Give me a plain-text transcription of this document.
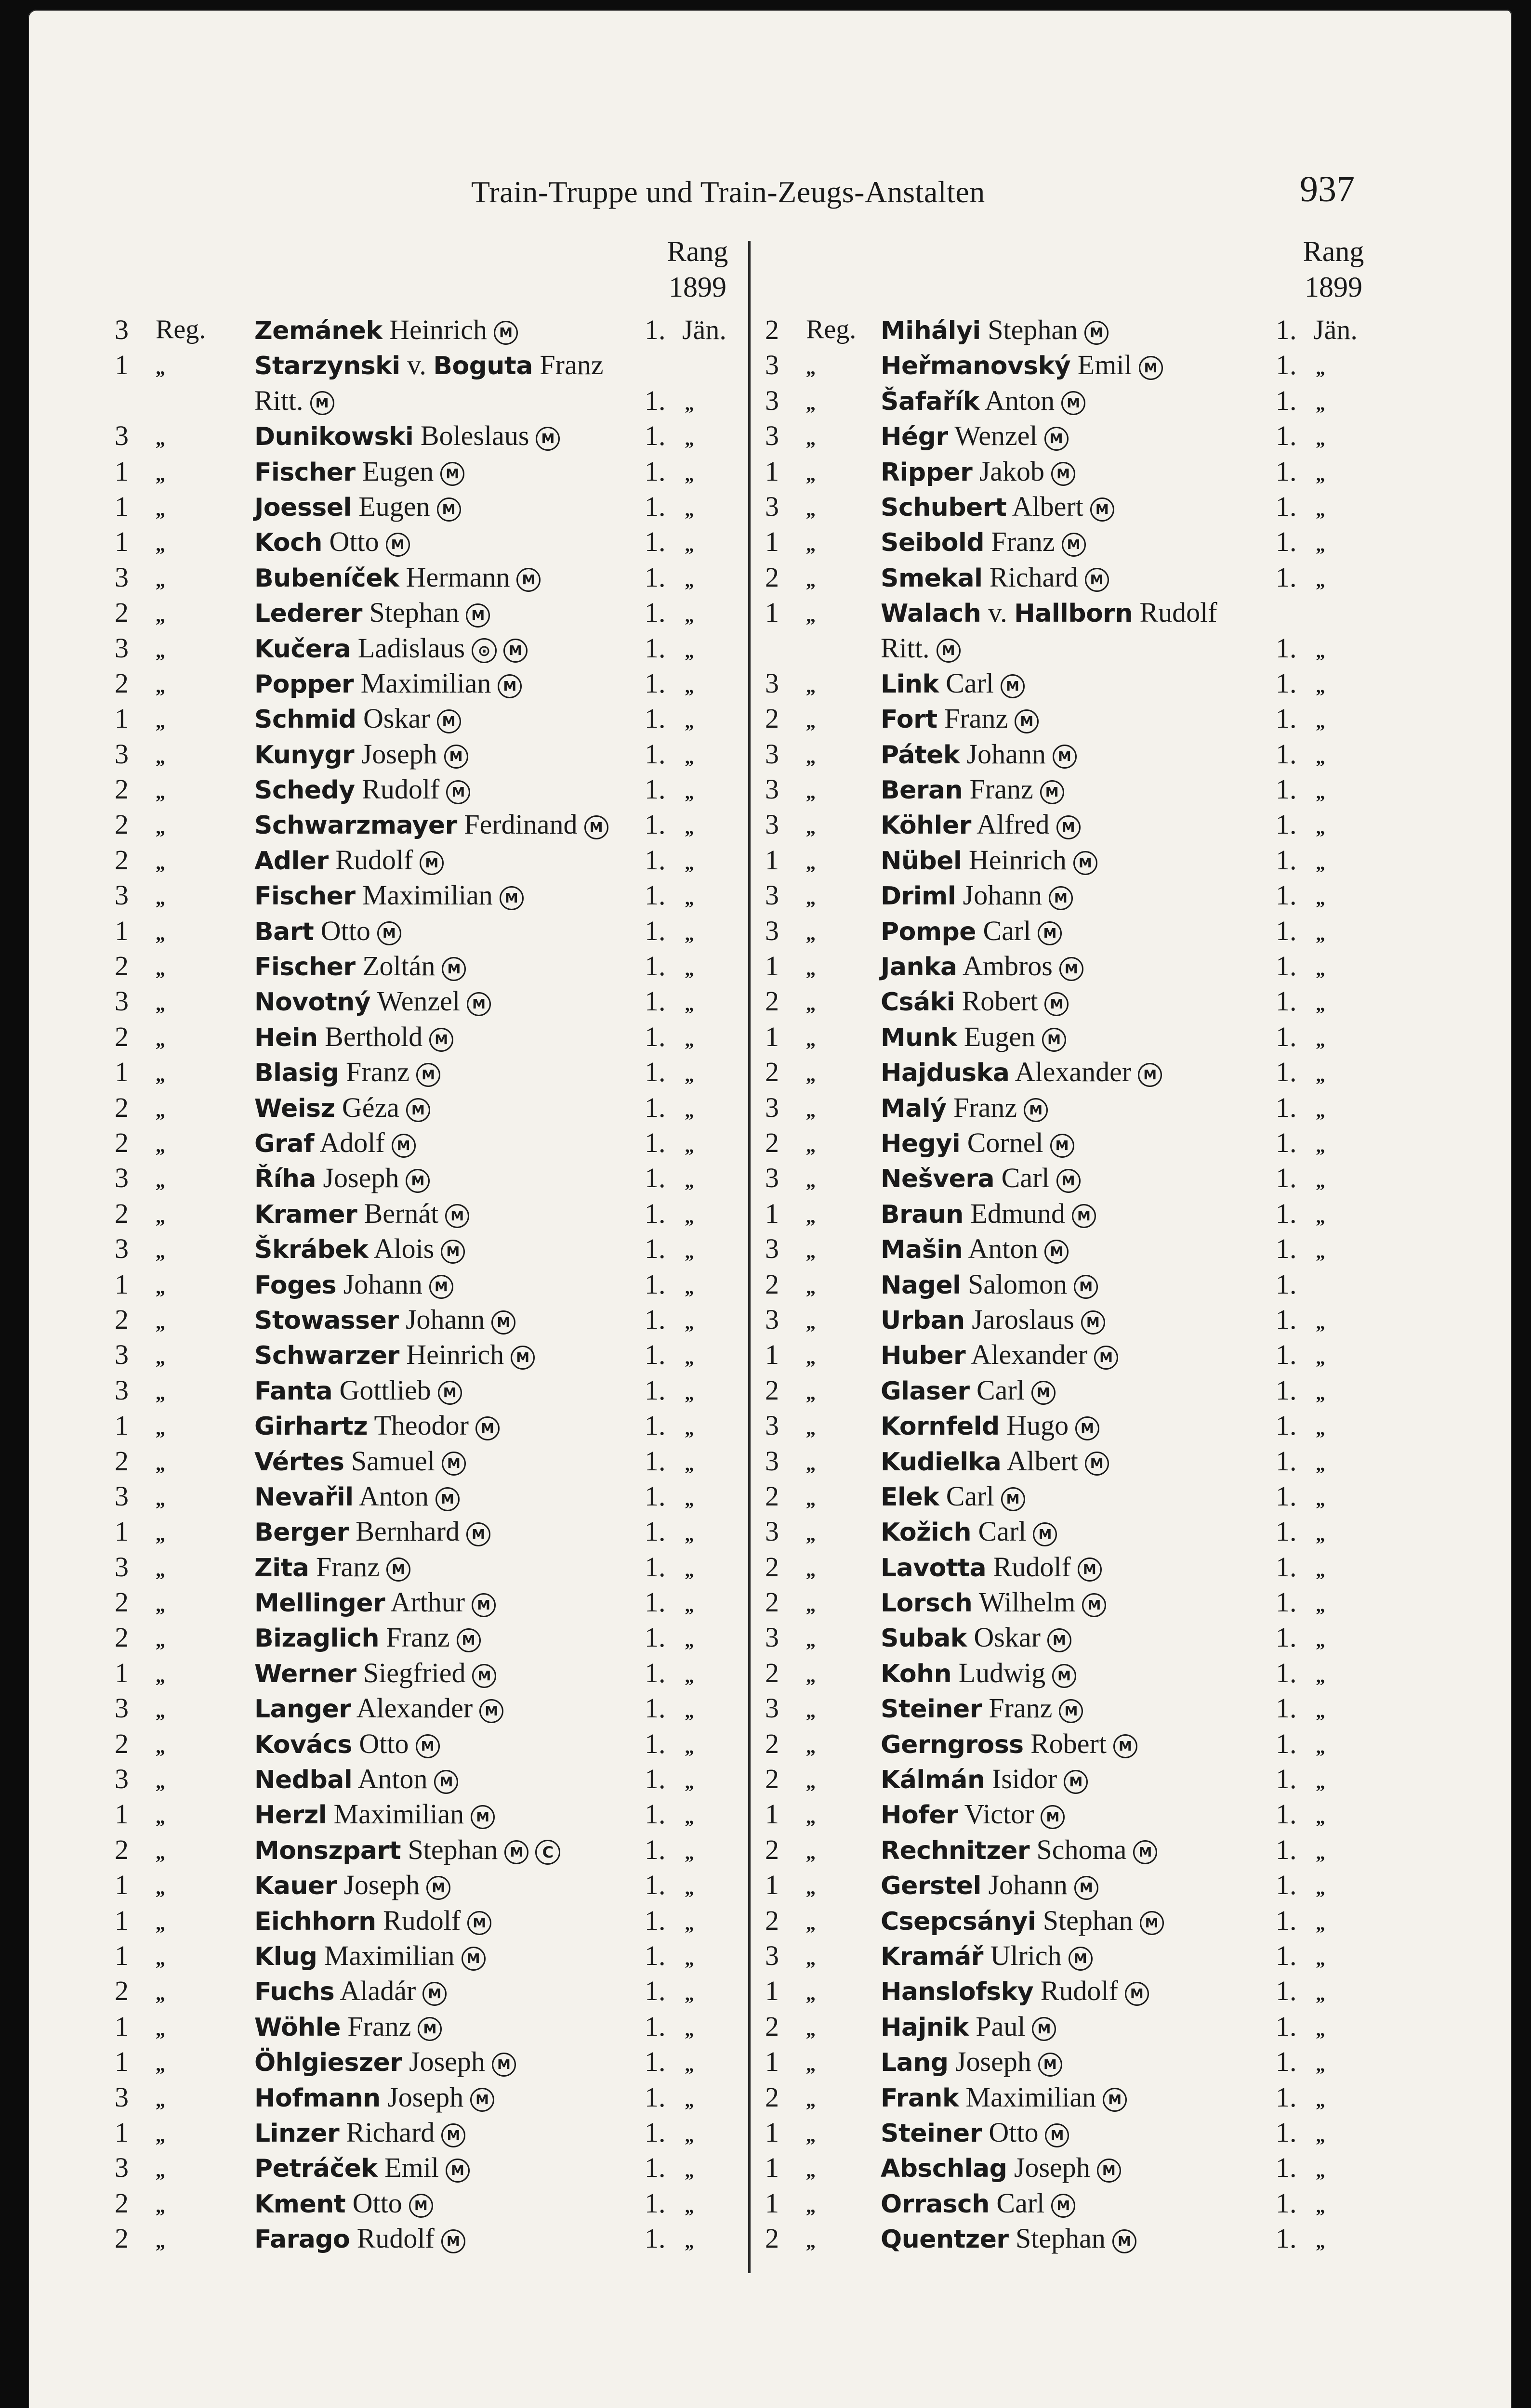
Train-Truppe und Train-Zeugs-Anstalten	937
Rang
1899
Rang
1899
3	Reg. Zemánek Heinrich M	1. Jän.
1	„	Starzynski v. Boguta Franz
Ritt. M	1. „
3	„	Dunikowski Boleslaus M	1. „
1	„	Fischer Eugen M	1. „
1	„	Joessel Eugen M	1. „
1	„	Koch Otto M	1. „
3	„	Bubeníček Hermann M	1. „
2	„	Lederer Stephan M	1. „
3	„	Kučera Ladislaus ⊙ M	1. „
2	„	Popper Maximilian M	1. „
1	„	Schmid Oskar M	1. „
3	„	Kunygr Joseph M	1. „
2	„	Schedy Rudolf M	1. „
2	„	Schwarzmayer Ferdinand M 1. „
2	„	Adler Rudolf M	1. „
3	„	Fischer Maximilian M	1. „
1	„	Bart Otto M	1. „
2	„	Fischer Zoltán M	1. „
3	„	Novotný Wenzel M	1. „
2	„	Hein Berthold M	1. „
1	„	Blasig Franz M	1. „
2	„	Weisz Géza M	1. „
2	„	Graf Adolf M	1. „
3	„	Říha Joseph M	1. „
2	„	Kramer Bernát M	1. „
3	„	Škrábek Alois M	1. „
1	„	Foges Johann M	1. „
2	„	Stowasser Johann M	1. „
3	„	Schwarzer Heinrich M	1. „
3	„	Fanta Gottlieb M	1. „
1	„	Girhartz Theodor M	1. „
2	„	Vértes Samuel M	1. „
3	„	Nevařil Anton M	1. „
1	„	Berger Bernhard M	1. „
3	„	Zita Franz M	1. „
2	„	Mellinger Arthur M	1. „
2	„	Bizaglich Franz M	1. „
1	„	Werner Siegfried M	1. „
3	„	Langer Alexander M	1. „
2	„	Kovács Otto M	1. „
3	„	Nedbal Anton M	1. „
1	„	Herzl Maximilian M	1. „
2	„	Monszpart Stephan M C	1. „
1	„	Kauer Joseph M	1. „
1	„	Eichhorn Rudolf M	1. „
1	„	Klug Maximilian M	1. „
2	„	Fuchs Aladár M	1. „
1	„	Wöhle Franz M	1. „
1	„	Öhlgieszer Joseph M	1. „
3	„	Hofmann Joseph M	1. „
1	„	Linzer Richard M	1. „
3	„	Petráček Emil M	1. „
2	„	Kment Otto M	1. „
2	„	Farago Rudolf M	1. „
2	Reg. Mihályi Stephan M	1. Jän.
3	„	Heřmanovský Emil M	1. „
3	„	Šafařík Anton M	1. „
3	„	Hégr Wenzel M	1. „
1	„	Ripper Jakob M	1. „
3	„	Schubert Albert M	1. „
1	„	Seibold Franz M	1. „
2	„	Smekal Richard M	1. „
1	„	Walach v. Hallborn Rudolf
Ritt. M	1. „
3	„	Link Carl M	1. „
2	„	Fort Franz M	1. „
3	„	Pátek Johann M	1. „
3	„	Beran Franz M	1. „
3	„	Köhler Alfred M	1. „
1	„	Nübel Heinrich M	1. „
3	„	Driml Johann M	1. „
3	„	Pompe Carl M	1. „
1	„	Janka Ambros M	1. „
2	„	Csáki Robert M	1. „
1	„	Munk Eugen M	1. „
2	„	Hajduska Alexander M	1. „
3	„	Malý Franz M	1. „
2	„	Hegyi Cornel M	1. „
3	„	Nešvera Carl M	1. „
1	„	Braun Edmund M	1. „
3	„	Mašin Anton M	1. „
2	„	Nagel Salomon M	1.
3	„	Urban Jaroslaus M	1. „
1	„	Huber Alexander M	1. „
2	„	Glaser Carl M	1. „
3	„	Kornfeld Hugo M	1. „
3	„	Kudielka Albert M	1. „
2	„	Elek Carl M	1. „
3	„	Kožich Carl M	1. „
2	„	Lavotta Rudolf M	1. „
2	„	Lorsch Wilhelm M	1. „
3	„	Subak Oskar M	1. „
2	„	Kohn Ludwig M	1. „
3	„	Steiner Franz M	1. „
2	„	Gerngross Robert M	1. „
2	„	Kálmán Isidor M	1. „
1	„	Hofer Victor M	1. „
2	„	Rechnitzer Schoma M	1. „
1	„	Gerstel Johann M	1. „
2	„	Csepcsányi Stephan M	1. „
3	„	Kramář Ulrich M	1. „
1	„	Hanslofsky Rudolf M	1. „
2	„	Hajnik Paul M	1. „
1	„	Lang Joseph M	1. „
2	„	Frank Maximilian M	1. „
1	„	Steiner Otto M	1. „
1	„	Abschlag Joseph M	1. „
1	„	Orrasch Carl M	1. „
2	„	Quentzer Stephan M	1. „
